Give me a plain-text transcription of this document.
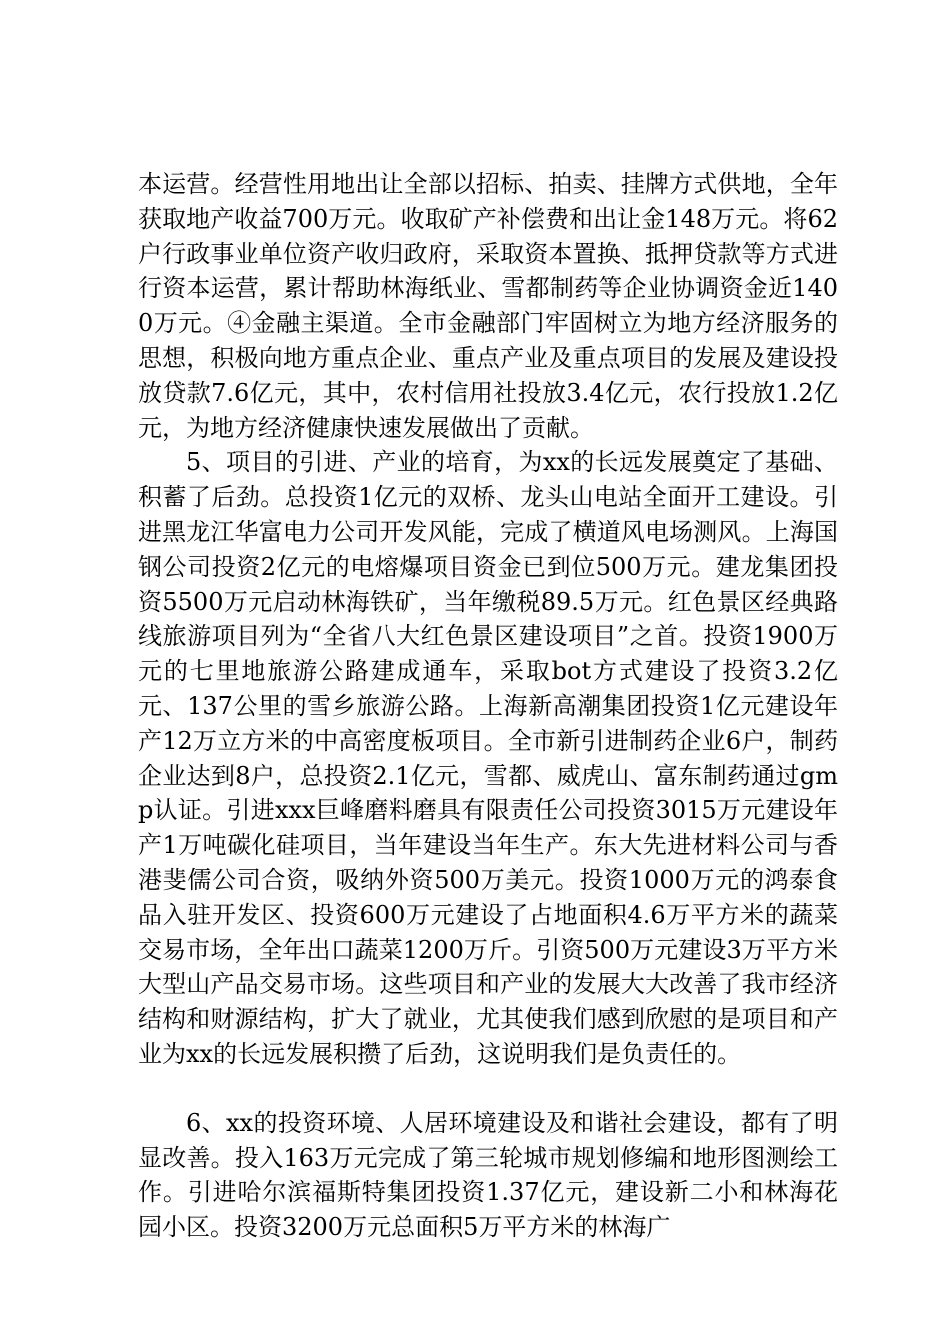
本运营。经营性用地出让全部以招标、拍卖、挂牌方式供地，全年获取地产收益700万元。收取矿产补偿费和出让金148万元。将62户行政事业单位资产收归政府，采取资本置换、抵押贷款等方式进行资本运营，累计帮助林海纸业、雪都制药等企业协调资金近1400万元。④金融主渠道。全市金融部门牢固树立为地方经济服务的思想，积极向地方重点企业、重点产业及重点项目的发展及建设投放贷款7.6亿元，其中，农村信用社投放3.4亿元，农行投放1.2亿元，为地方经济健康快速发展做出了贡献。

5、项目的引进、产业的培育，为xx的长远发展奠定了基础、积蓄了后劲。总投资1亿元的双桥、龙头山电站全面开工建设。引进黑龙江华富电力公司开发风能，完成了横道风电场测风。上海国钢公司投资2亿元的电熔爆项目资金已到位500万元。建龙集团投资5500万元启动林海铁矿，当年缴税89.5万元。红色景区经典路线旅游项目列为“全省八大红色景区建设项目”之首。投资1900万元的七里地旅游公路建成通车，采取bot方式建设了投资3.2亿元、137公里的雪乡旅游公路。上海新高潮集团投资1亿元建设年产12万立方米的中高密度板项目。全市新引进制药企业6户，制药企业达到8户，总投资2.1亿元，雪都、威虎山、富东制药通过gmp认证。引进xxx巨峰磨料磨具有限责任公司投资3015万元建设年产1万吨碳化硅项目，当年建设当年生产。东大先进材料公司与香港斐儒公司合资，吸纳外资500万美元。投资1000万元的鸿泰食品入驻开发区、投资600万元建设了占地面积4.6万平方米的蔬菜交易市场，全年出口蔬菜1200万斤。引资500万元建设3万平方米大型山产品交易市场。这些项目和产业的发展大大改善了我市经济结构和财源结构，扩大了就业，尤其使我们感到欣慰的是项目和产业为xx的长远发展积攒了后劲，这说明我们是负责任的。

6、xx的投资环境、人居环境建设及和谐社会建设，都有了明显改善。投入163万元完成了第三轮城市规划修编和地形图测绘工作。引进哈尔滨福斯特集团投资1.37亿元，建设新二小和林海花园小区。投资3200万元总面积5万平方米的林海广
